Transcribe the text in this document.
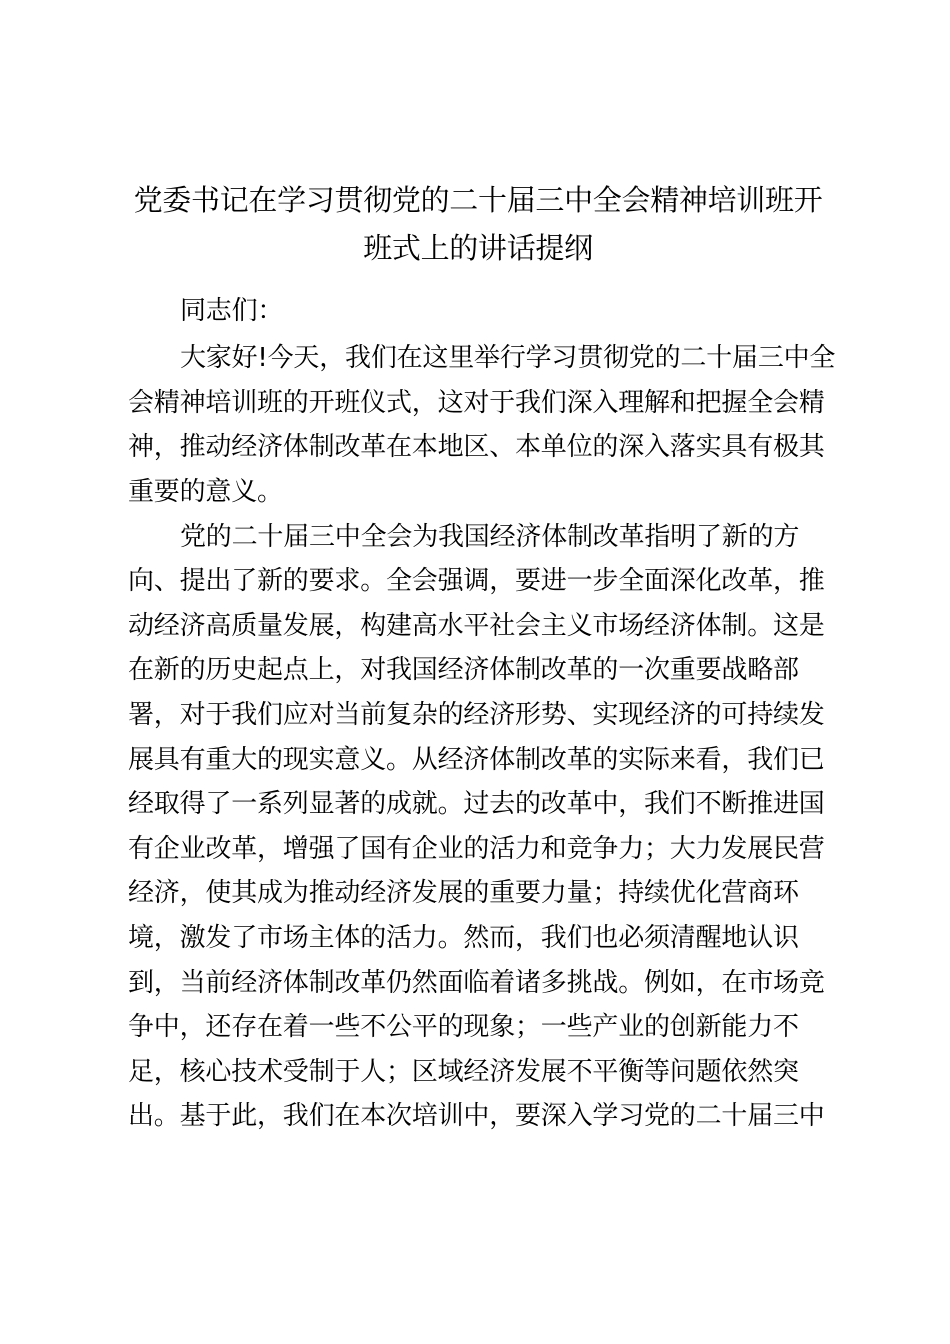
党委书记在学习贯彻党的二十届三中全会精神培训班开
班式上的讲话提纲
同志们：
大家好!今天，我们在这里举行学习贯彻党的二十届三中全
会精神培训班的开班仪式，这对于我们深入理解和把握全会精
神，推动经济体制改革在本地区、本单位的深入落实具有极其
重要的意义。
党的二十届三中全会为我国经济体制改革指明了新的方
向、提出了新的要求。全会强调，要进一步全面深化改革，推
动经济高质量发展，构建高水平社会主义市场经济体制。这是
在新的历史起点上，对我国经济体制改革的一次重要战略部
署，对于我们应对当前复杂的经济形势、实现经济的可持续发
展具有重大的现实意义。从经济体制改革的实际来看，我们已
经取得了一系列显著的成就。过去的改革中，我们不断推进国
有企业改革，增强了国有企业的活力和竞争力；大力发展民营
经济，使其成为推动经济发展的重要力量；持续优化营商环
境，激发了市场主体的活力。然而，我们也必须清醒地认识
到，当前经济体制改革仍然面临着诸多挑战。例如，在市场竞
争中，还存在着一些不公平的现象；一些产业的创新能力不
足，核心技术受制于人；区域经济发展不平衡等问题依然突
出。基于此，我们在本次培训中，要深入学习党的二十届三中
